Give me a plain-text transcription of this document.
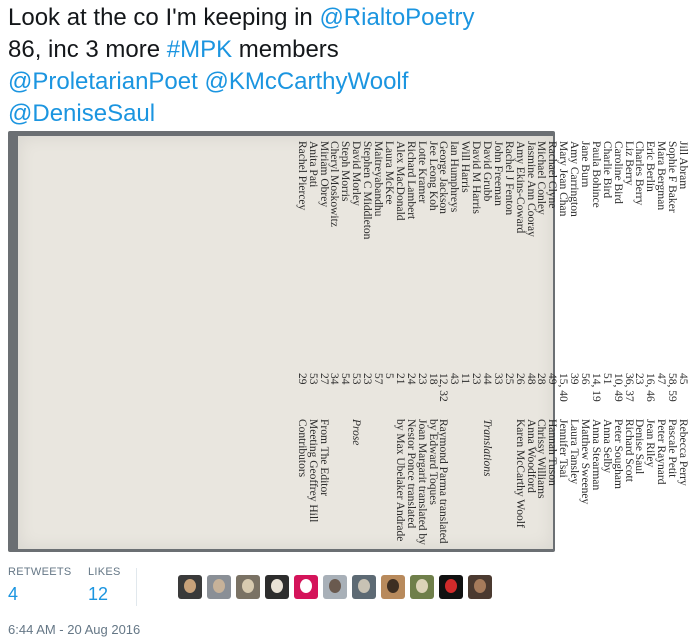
Look at the co I'm keeping in @RialtoPoetry
86, inc 3 more #MPK members
@ProletarianPoet @KMcCarthyWoolf
@DeniseSaul
Jill Abram
Sophie F Baker
Mara Bergman
Eric Berlin
Charles Berry
Liz Berry
Caroline Bird
Charlie Bird
Paula Bohince
Jane Burn
Amy Carrington
Mary Jean Chan
Rachael Clyne
Michael Conley
Jasmine Ann Cooray
Amy Ekins-Coward
Rachel J Fenton
John Freeman
David Grubb
David M Harris
Will Harris
Ian Humphreys
George Jackson
Jee Leong Koh
Lotte Kramer
Richard Lambert
Alex MacDonald
Laura McKee
Maitreyabandhu
Stephen C Middleton
David Morley
Steph Morris
Cheryl Moskowitz
Miriam Obrey
Anita Pati
Rachel Piercey
45
58, 59
47
16, 46
23
36, 37
10, 49
51
14, 19
56
39
15, 40
49
28
48
26
25
33
44
23
11
43
12, 32
18
23
24
21
5
57
23
53
54
34
27
53
29
Rebecca Perry
Pascale Petit
Peter Raynard
Jean Riley
Denise Saul
Richard Scott
Peter Sougham
Anna Selby
Anna Stearman
Matthew Sweeney
Laura Tansley
Jennifer Tsai
Hannah Tuson
Chrissy Williams
Anna Woodford
Karen McCarthy Woolf
Translations
Raymond Parma translated
by Edward Toques
Joan Margarit translated by
Nestor Ponce translated
by Max Ubelaker Andrade
Prose
From The Editor
Meeting Geoffrey Hill
Contributors
RETWEETS
4
LIKES
12
6:44 AM - 20 Aug 2016
